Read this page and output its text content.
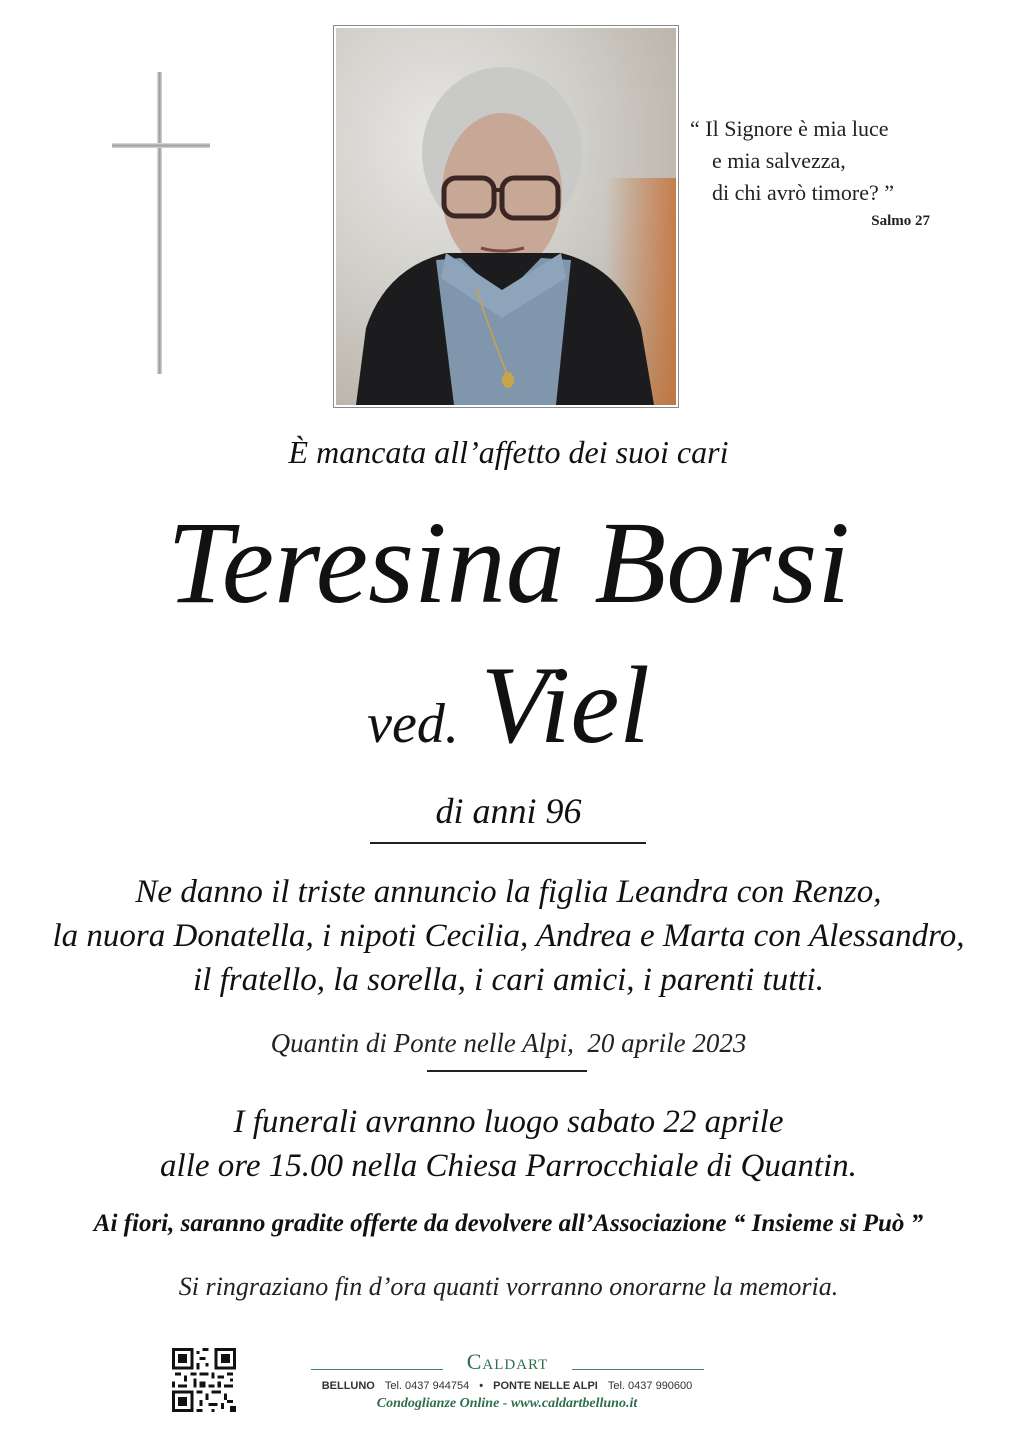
“ Il Signore è mia luce
e mia salvezza,
di chi avrò timore? ”
Salmo 27
È mancata all’affetto dei suoi cari
Teresina Borsi
ved. Viel
di anni 96
Ne danno il triste annuncio la figlia Leandra con Renzo,
la nuora Donatella, i nipoti Cecilia, Andrea e Marta con Alessandro,
il fratello, la sorella, i cari amici, i parenti tutti.
Quantin di Ponte nelle Alpi, 20 aprile 2023
I funerali avranno luogo sabato 22 aprile
alle ore 15.00 nella Chiesa Parrocchiale di Quantin.
Ai fiori, saranno gradite offerte da devolvere all’Associazione “ Insieme si Può ”
Si ringraziano fin d’ora quanti vorranno onorarne la memoria.
Caldart
BELLUNO Tel. 0437 944754 • PONTE NELLE ALPI Tel. 0437 990600
Condoglianze Online - www.caldartbelluno.it
